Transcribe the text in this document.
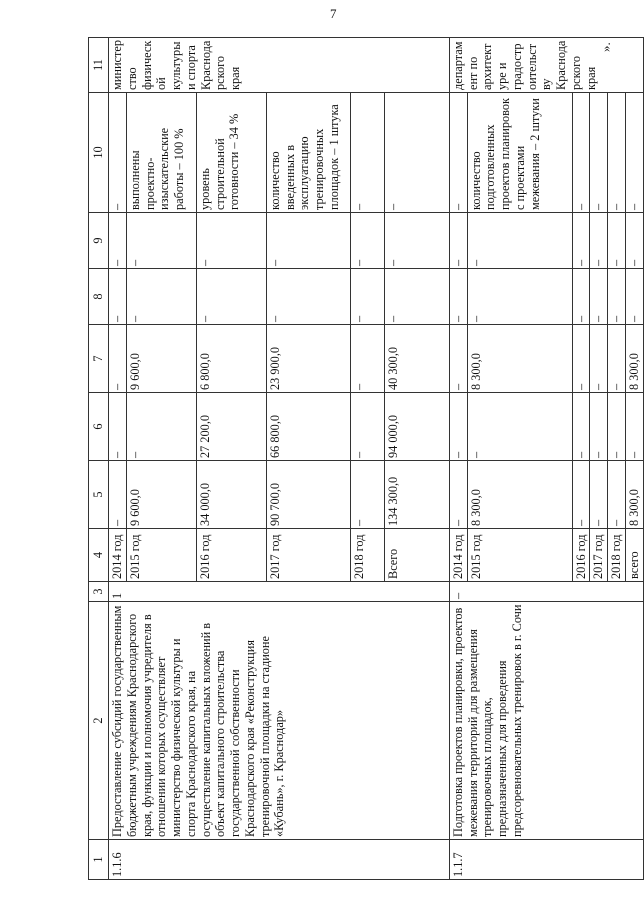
7
».
1	2	3	4	5	6	7	8	9	10	11
1.1.6	Предоставление субсидий государственным бюджетным учреждениям Краснодарского края, функции и полномочия учредителя в отношении которых осуществляет министерство физической культуры и спорта Краснодарского края, на осуществление капитальных вложений в объект капитального строительства государственной собственности Краснодарского края «Реконструкция тренировочной площадки на стадионе «Кубань», г. Краснодар»	1	2014 год	–	–	–	–	–	–	министерство физической культуры и спорта Краснодарского края
			2015 год	9 600,0	–	9 600,0	–	–	выполнены проектно-изыскательские работы – 100 %	
			2016 год	34 000,0	27 200,0	6 800,0	–	–	уровень строительной готовности – 34 %	
			2017 год	90 700,0	66 800,0	23 900,0	–	–	количество введенных в эксплуатацию тренировочных площадок – 1 штука	
			2018 год	–	–	–	–	–	–	
			Всего	134 300,0	94 000,0	40 300,0	–	–	–	
1.1.7	Подготовка проектов планировки, проектов межевания территорий для размещения тренировочных площадок, предназначенных для проведения предсоревновательных тренировок в г. Сочи	–	2014 год	–	–	–	–	–	–	департамент по архитектуре и градостроительству Краснодарского края
			2015 год	8 300,0	–	8 300,0	–	–	количество подготовленных проектов планировок с проектами межевания – 2 штуки	
			2016 год	–	–	–	–	–	–	
			2017 год	–	–	–	–	–	–	
			2018 год	–	–	–	–	–	–	
			всего	8 300,0	–	8 300,0	–	–	–	
